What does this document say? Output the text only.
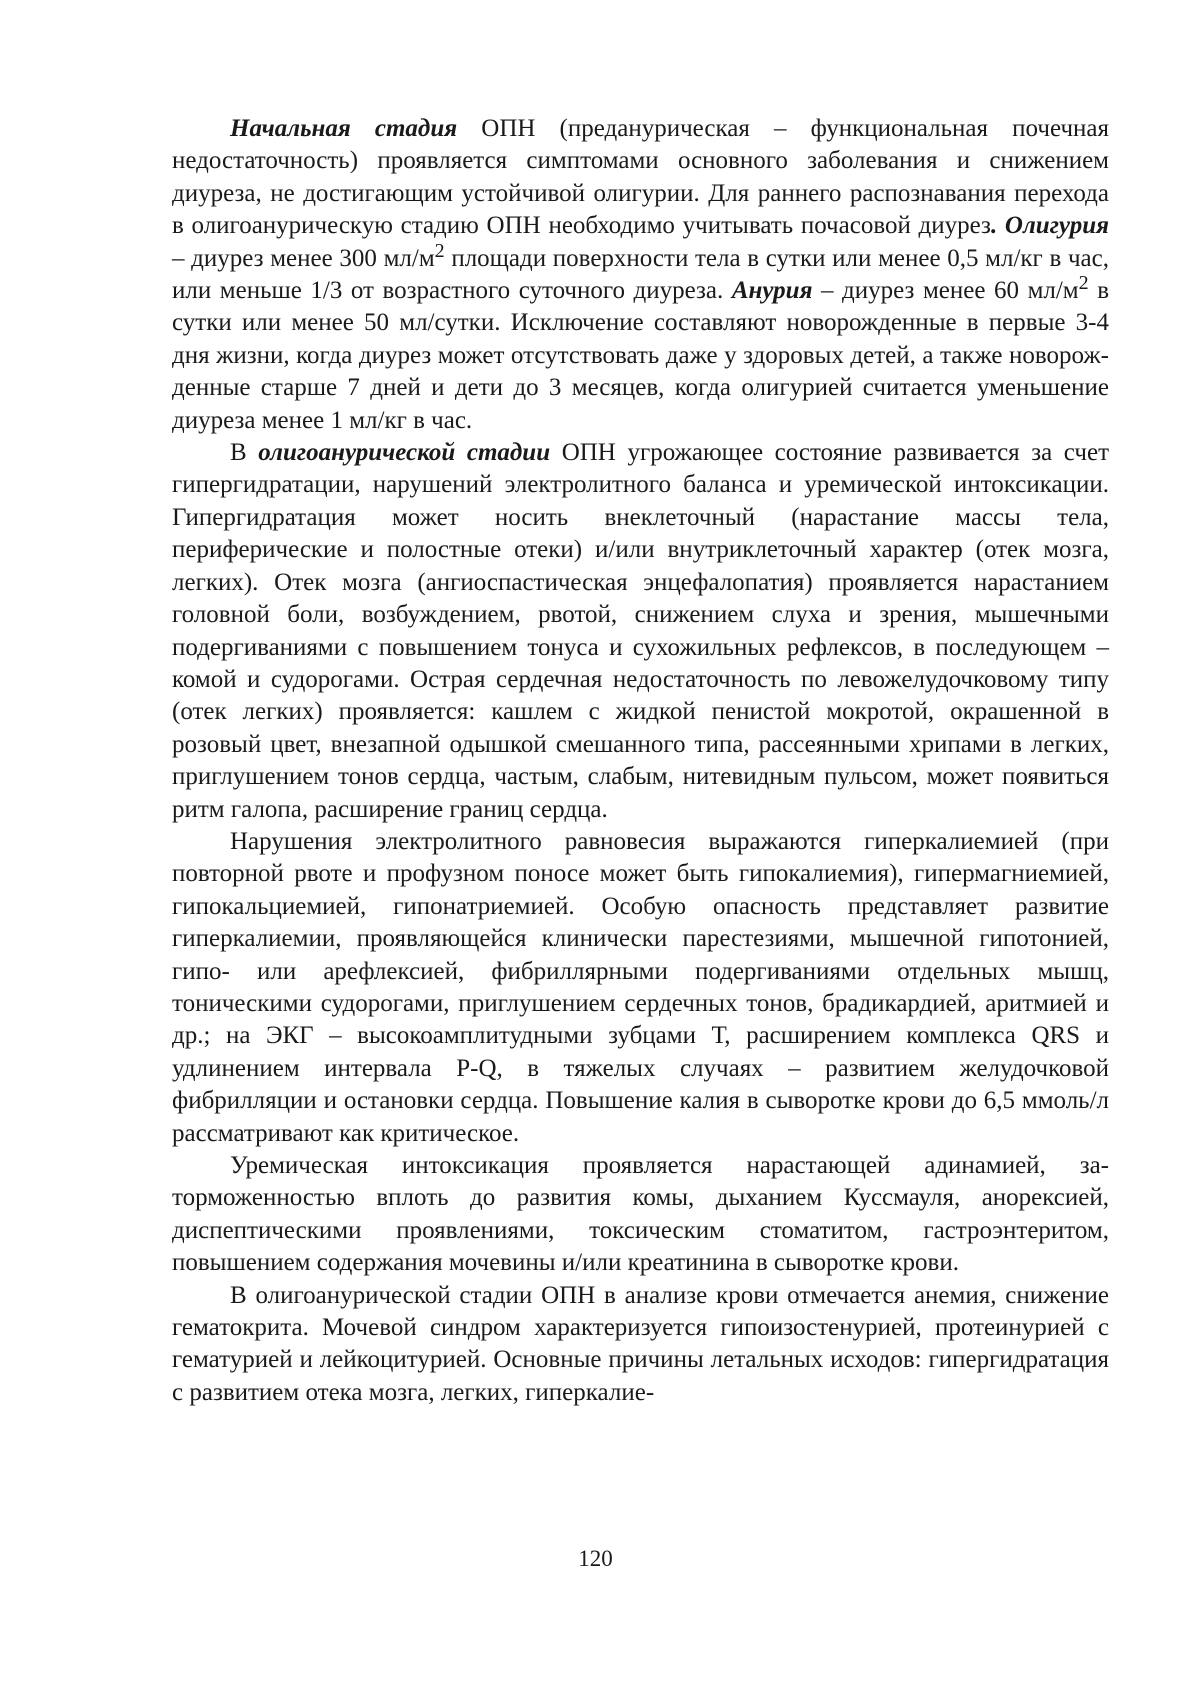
Начальная стадия ОПН (преданурическая – функциональная почечная недостаточность) проявляется симптомами основного заболевания и снижением диуреза, не достигающим устойчивой олигурии. Для раннего распознавания перехода в олигоанурическую стадию ОПН необходимо учитывать почасовой диурез. Олигурия – диурез менее 300 $мл/м^2$ площади поверхности тела в сутки или менее 0,5 мл/кг в час, или меньше 1/3 от возрастного суточного диуреза. Анурия – диурез менее 60 $мл/м^2$ в сутки или менее 50 мл/сутки. Исключение составляют новорожденные в первые 3-4 дня жизни, когда диурез может отсутствовать даже у здоровых детей, а также новорожденные старше 7 дней и дети до 3 месяцев, когда олигурией считается уменьшение диуреза менее 1 мл/кг в час.

В олигоанурической стадии ОПН угрожающее состояние развивается за счет гипергидратации, нарушений электролитного баланса и уремической интоксикации. Гипергидратация может носить внеклеточный (нарастание массы тела, периферические и полостные отеки) и/или внутриклеточный характер (отек мозга, легких). Отек мозга (ангиоспастическая энцефалопатия) проявляется нарастанием головной боли, возбуждением, рвотой, снижением слуха и зрения, мышечными подергиваниями с повышением тонуса и сухожильных рефлексов, в последующем – комой и судорогами. Острая сердечная недостаточность по левожелудочковому типу (отек легких) проявляется: кашлем с жидкой пенистой мокротой, окрашенной в розовый цвет, внезапной одышкой смешанного типа, рассеянными хрипами в легких, приглушением тонов сердца, частым, слабым, нитевидным пульсом, может появиться ритм галопа, расширение границ сердца.

Нарушения электролитного равновесия выражаются гиперкалиемией (при повторной рвоте и профузном поносе может быть гипокалиемия), гипермагниемией, гипокальциемией, гипонатриемией. Особую опасность представляет развитие гиперкалиемии, проявляющейся клинически парестезиями, мышечной гипотонией, гипо- или арефлексией, фибриллярными подергиваниями отдельных мышц, тоническими судорогами, приглушением сердечных тонов, брадикардией, аритмией и др.; на ЭКГ – высокоамплитудными зубцами Т, расширением комплекса QRS и удлинением интервала P-Q, в тяжелых случаях – развитием желудочковой фибрилляции и остановки сердца. Повышение калия в сыворотке крови до 6,5 ммоль/л рассматривают как критическое.

Уремическая интоксикация проявляется нарастающей адинамией, заторможенностью вплоть до развития комы, дыханием Куссмауля, анорексией, диспептическими проявлениями, токсическим стоматитом, гастроэнтеритом, повышением содержания мочевины и/или креатинина в сыворотке крови.

В олигоанурической стадии ОПН в анализе крови отмечается анемия, снижение гематокрита. Мочевой синдром характеризуется гипоизостенурией, протеинурией с гематурией и лейкоцитурией. Основные причины летальных исходов: гипергидратация с развитием отека мозга, легких, гиперкалие-

120
